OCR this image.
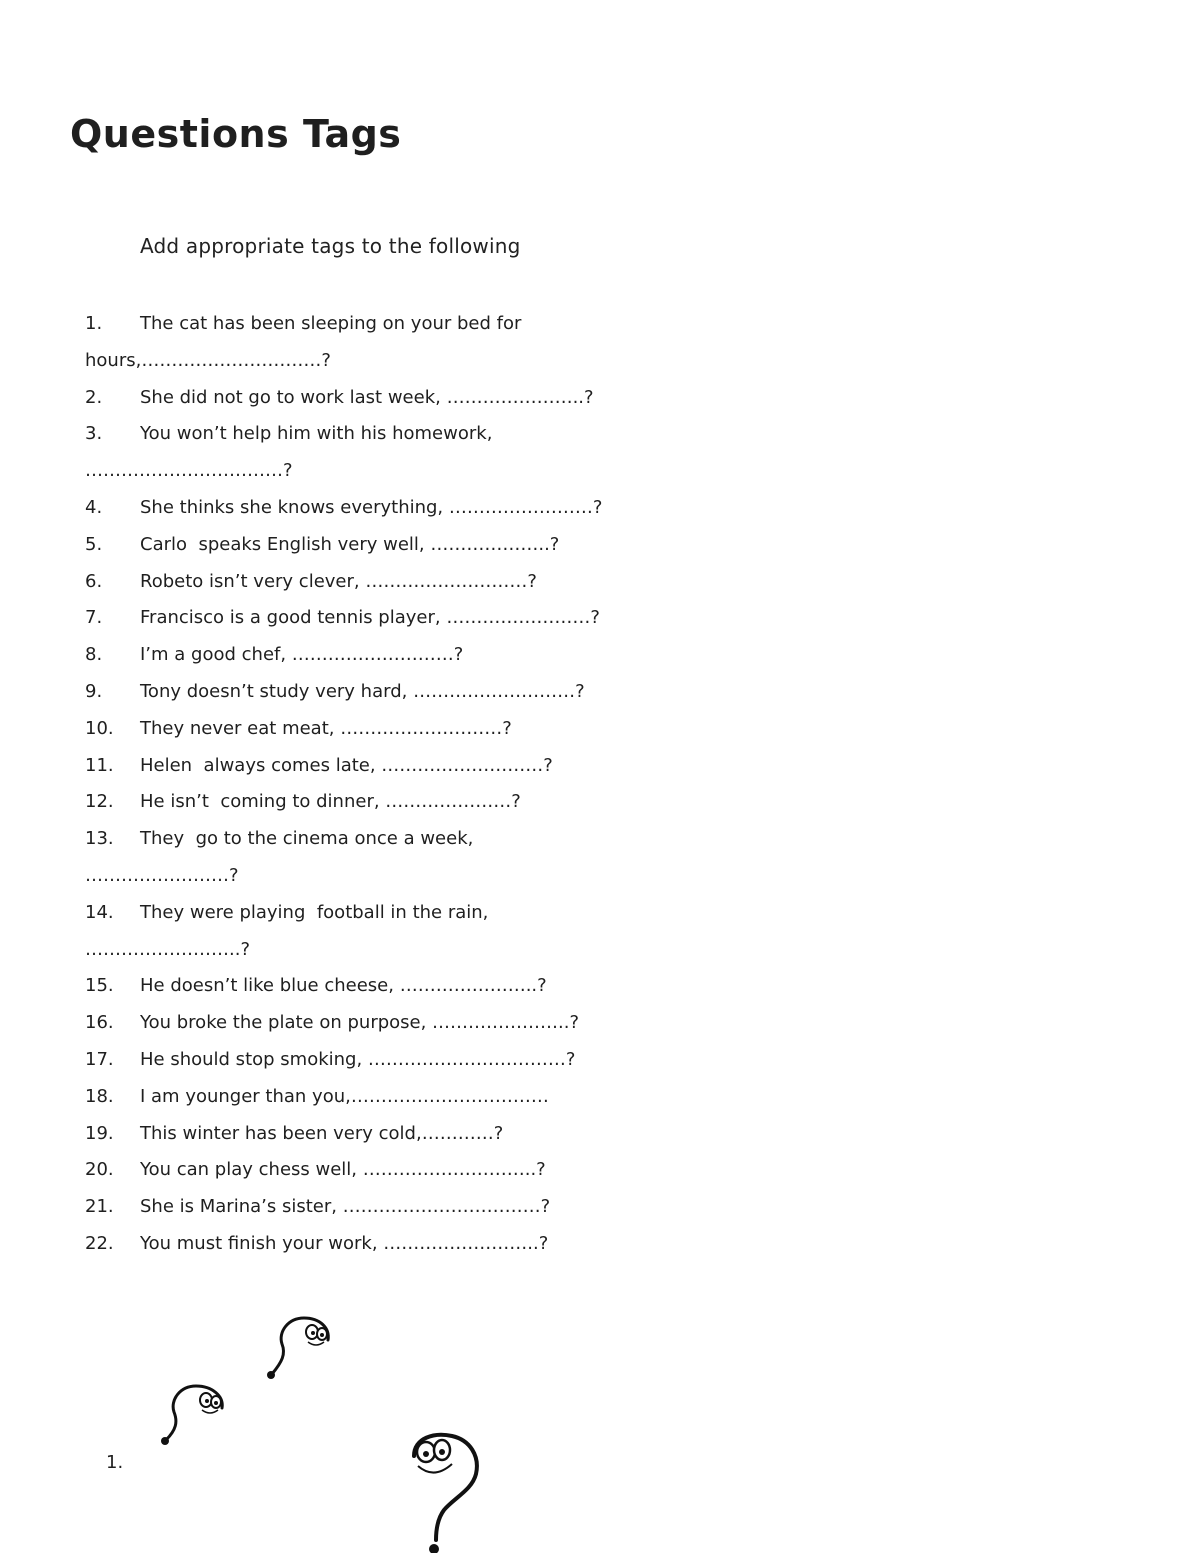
Questions Tags
Add appropriate tags to the following
1. The cat has been sleeping on your bed for
hours,…………………………?
2. She did not go to work last week, …………………..?
3. You won’t help him with his homework,
……………………………?
4. She thinks she knows everything, ……………………?
5. Carlo  speaks English very well, ………………..?
6. Robeto isn’t very clever, ………………………?
7. Francisco is a good tennis player, ……………………?
8. I’m a good chef, ………………………?
9. Tony doesn’t study very hard, ………………………?
10. They never eat meat, ………………………?
11. Helen  always comes late, ………………………?
12. He isn’t  coming to dinner, …………………?
13. They  go to the cinema once a week,
……………………?
14. They were playing  football in the rain,
……………………..?
15. He doesn’t like blue cheese, …………………..?
16. You broke the plate on purpose, …………………..?
17. He should stop smoking, ……………………………?
18. I am younger than you,……………………………
19. This winter has been very cold,…………?
20. You can play chess well, ………………………..?
21. She is Marina’s sister, ……………………………?
22. You must finish your work, ……………………..?
1.
